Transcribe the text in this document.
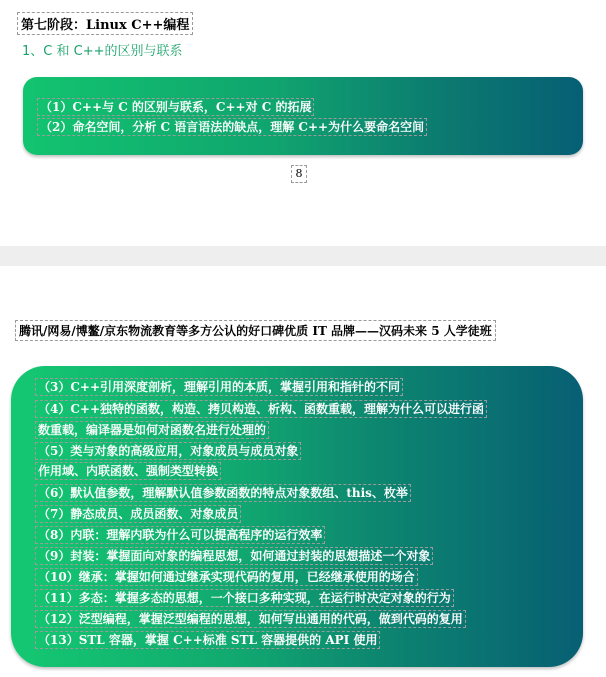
第七阶段：Linux C++编程
1、C 和 C++的区别与联系
（1）C++与 C 的区别与联系，C++对 C 的拓展
（2）命名空间，分析 C 语言语法的缺点，理解 C++为什么要命名空间
8
腾讯/网易/博鳌/京东物流教育等多方公认的好口碑优质 IT 品牌——汉码未来 5 人学徒班
（3）C++引用深度剖析，理解引用的本质，掌握引用和指针的不同
（4）C++独特的函数，构造、拷贝构造、析构、函数重载，理解为什么可以进行函
数重载，编译器是如何对函数名进行处理的
（5）类与对象的高级应用，对象成员与成员对象
作用域、内联函数、强制类型转换
（6）默认值参数，理解默认值参数函数的特点对象数组、this、枚举
（7）静态成员、成员函数、对象成员
（8）内联：理解内联为什么可以提高程序的运行效率
（9）封装：掌握面向对象的编程思想，如何通过封装的思想描述一个对象
（10）继承：掌握如何通过继承实现代码的复用，已经继承使用的场合
（11）多态：掌握多态的思想，一个接口多种实现，在运行时决定对象的行为
（12）泛型编程，掌握泛型编程的思想，如何写出通用的代码，做到代码的复用
（13）STL 容器，掌握 C++标准 STL 容器提供的 API 使用
